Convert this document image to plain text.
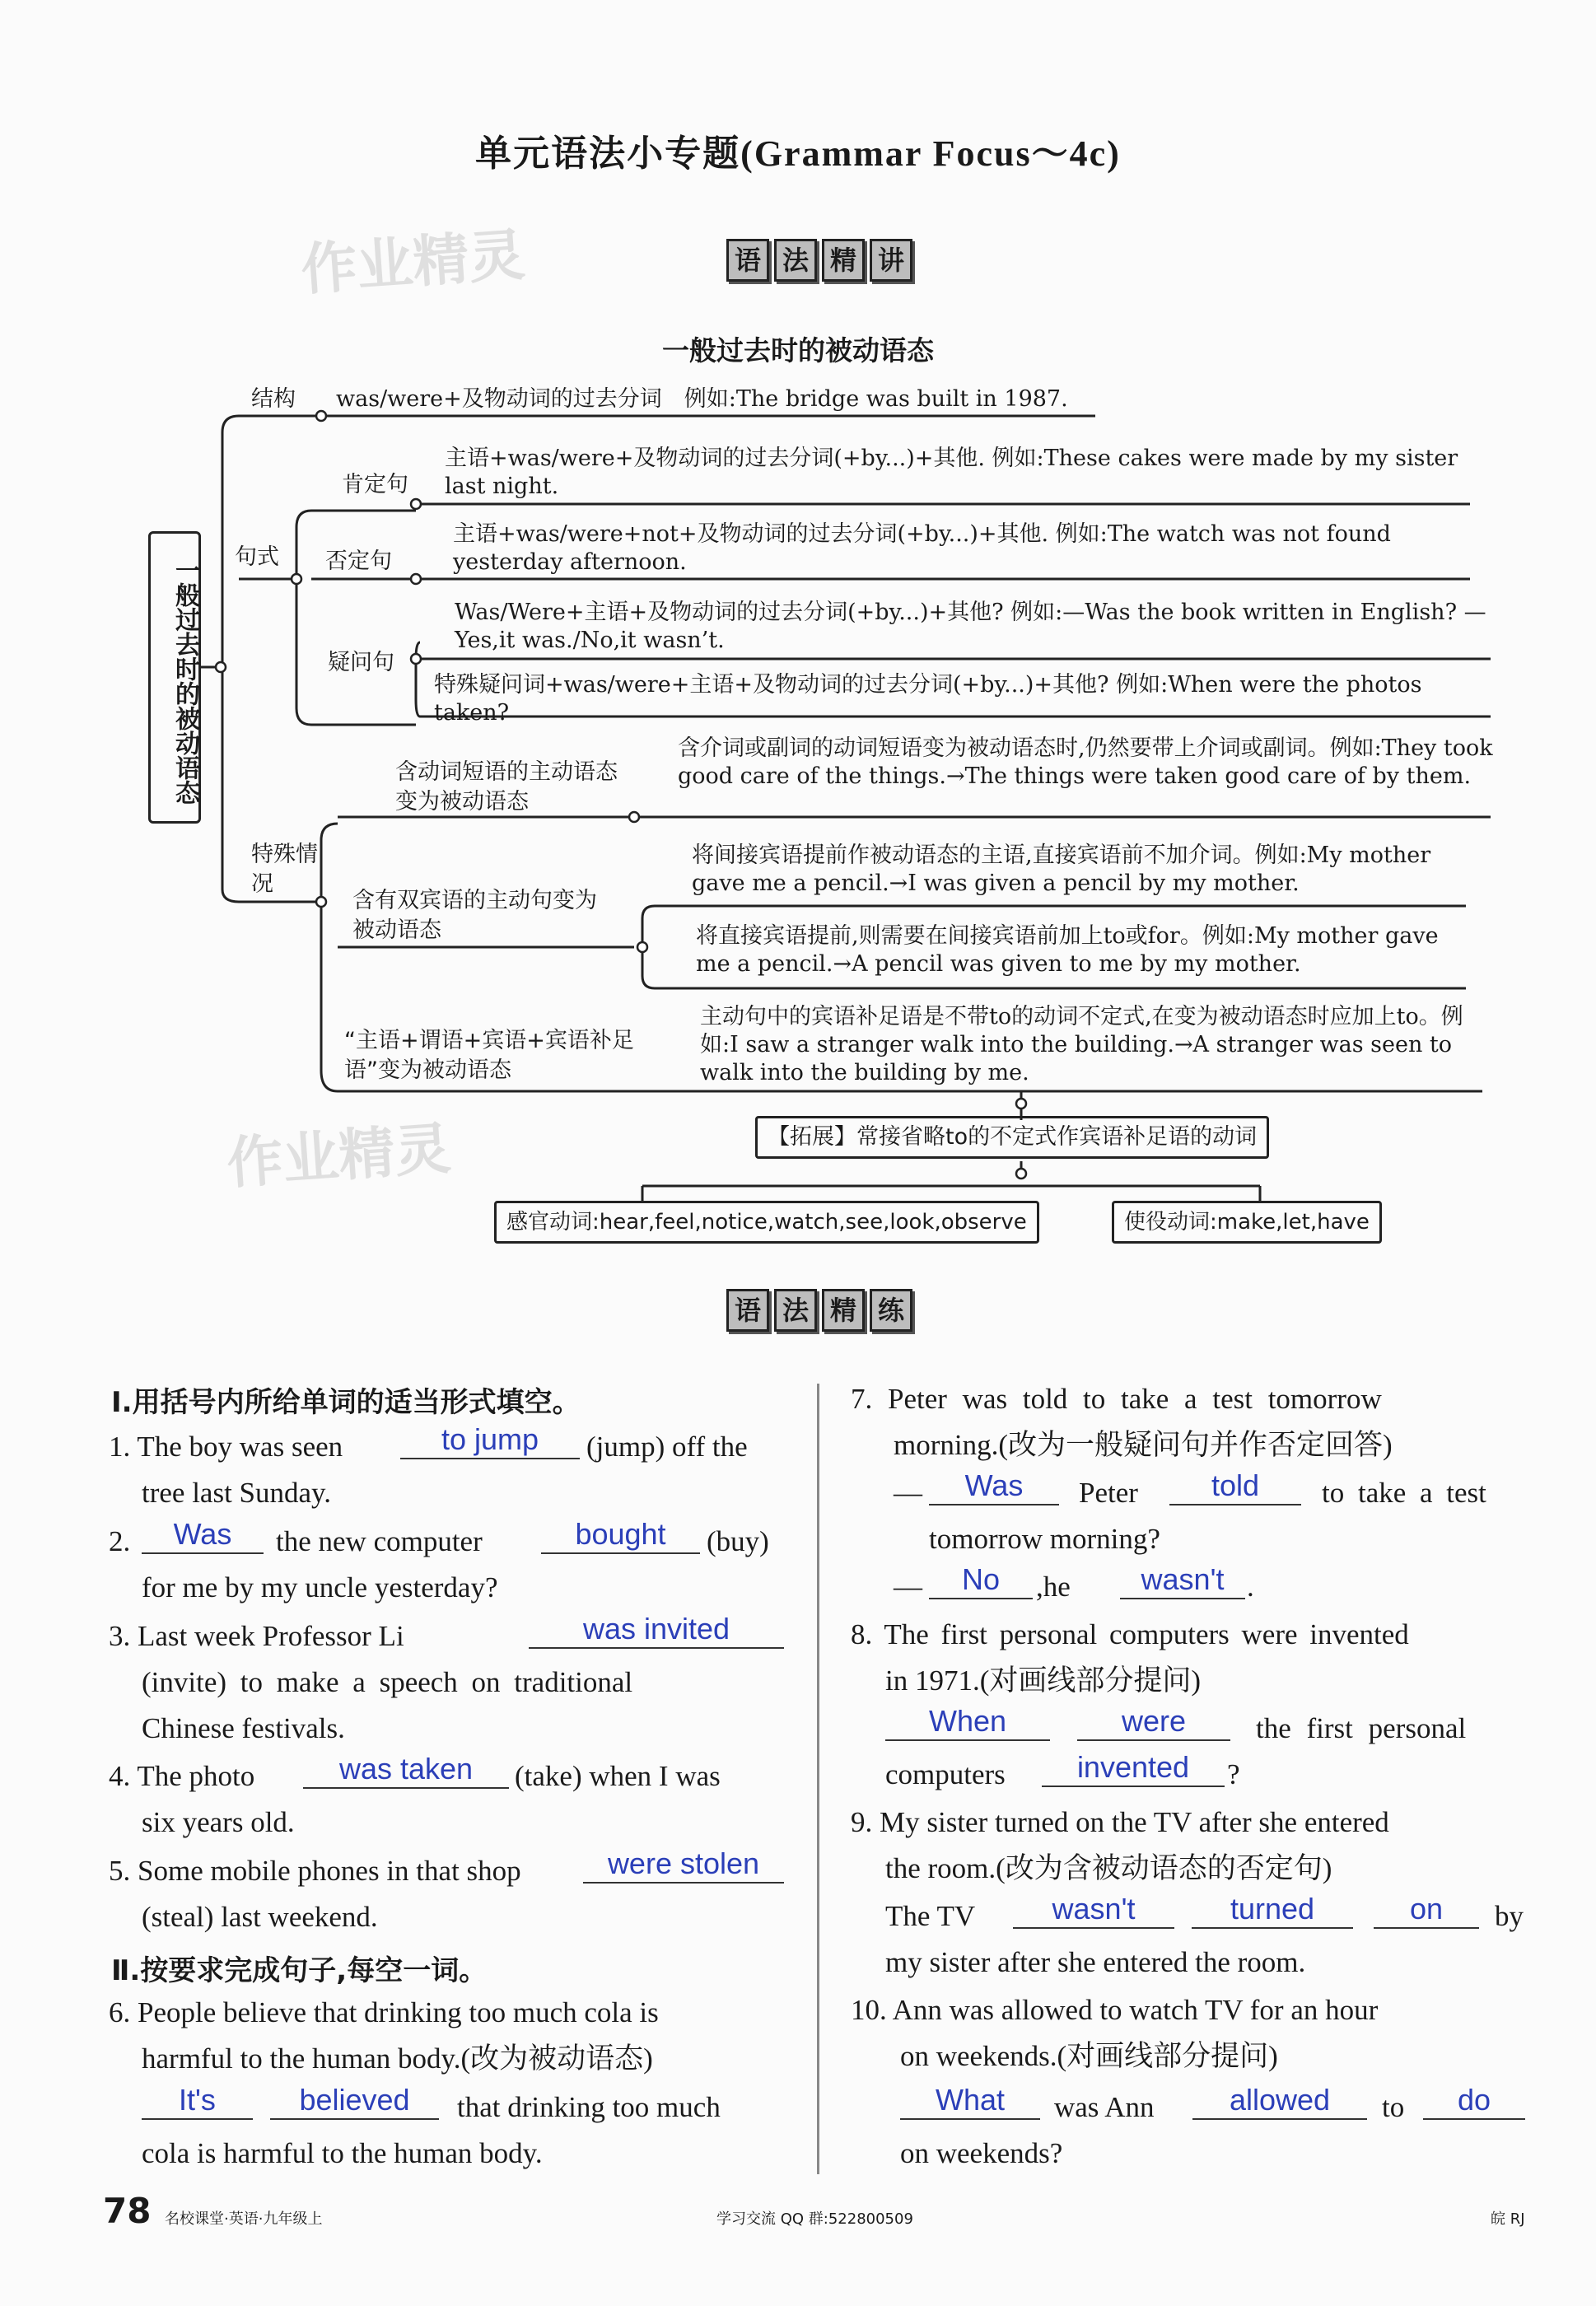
单元语法小专题(Grammar Focus～4c)
作业精灵
作业精灵
语 法 精 讲
一般过去时的被动语态
一般过去时的被动语态
结构 was/were+及物动词的过去分词　例如:The bridge was built in 1987.
句式
肯定句
主语+was/were+及物动词的过去分词(+by...)+其他. 例如:These cakes were made by my sister last night.
否定句
主语+was/were+not+及物动词的过去分词(+by...)+其他. 例如:The watch was not found yesterday afternoon.
疑问句
Was/Were+主语+及物动词的过去分词(+by...)+其他? 例如:—Was the book written in English? —Yes,it was./No,it wasn’t.
特殊疑问词+was/were+主语+及物动词的过去分词(+by...)+其他? 例如:When were the photos taken?
特殊情况
含动词短语的主动语态变为被动语态
含介词或副词的动词短语变为被动语态时,仍然要带上介词或副词。例如:They took good care of the things.→The things were taken good care of by them.
含有双宾语的主动句变为被动语态
将间接宾语提前作被动语态的主语,直接宾语前不加介词。例如:My mother gave me a pencil.→I was given a pencil by my mother.
将直接宾语提前,则需要在间接宾语前加上to或for。例如:My mother gave me a pencil.→A pencil was given to me by my mother.
“主语+谓语+宾语+宾语补足语”变为被动语态
主动句中的宾语补足语是不带to的动词不定式,在变为被动语态时应加上to。例如:I saw a stranger walk into the building.→A stranger was seen to walk into the building by me.
【拓展】常接省略to的不定式作宾语补足语的动词
感官动词:hear,feel,notice,watch,see,look,observe	使役动词:make,let,have
语 法 精 练
Ⅰ.用括号内所给单词的适当形式填空。
1. The boy was seen	to jump	(jump) off the
tree last Sunday.
2.	Was	the new computer	bought	(buy)
for me by my uncle yesterday?
3. Last week Professor Li	was invited
(invite) to make a speech on traditional
Chinese festivals.
4. The photo	was taken	(take) when I was
six years old.
5. Some mobile phones in that shop	were stolen
(steal) last weekend.
Ⅱ.按要求完成句子,每空一词。
6. People believe that drinking too much cola is
harmful to the human body.(改为被动语态)
It's	believed	that drinking too much
cola is harmful to the human body.
7. Peter was told to take a test tomorrow
morning.(改为一般疑问句并作否定回答)
—	Was	Peter	told	to take a test
tomorrow morning?
—	No	,he	wasn't .
8. The first personal computers were invented
in 1971.(对画线部分提问)
When	were	the first personal
computers	invented	?
9. My sister turned on the TV after she entered
the room.(改为含被动语态的否定句)
The TV	wasn't	turned	on	by
my sister after she entered the room.
10. Ann was allowed to watch TV for an hour
on weekends.(对画线部分提问)
What	was Ann	allowed	to	do
on weekends?
78 名校课堂·英语·九年级上	学习交流 QQ 群:522800509	皖 RJ
